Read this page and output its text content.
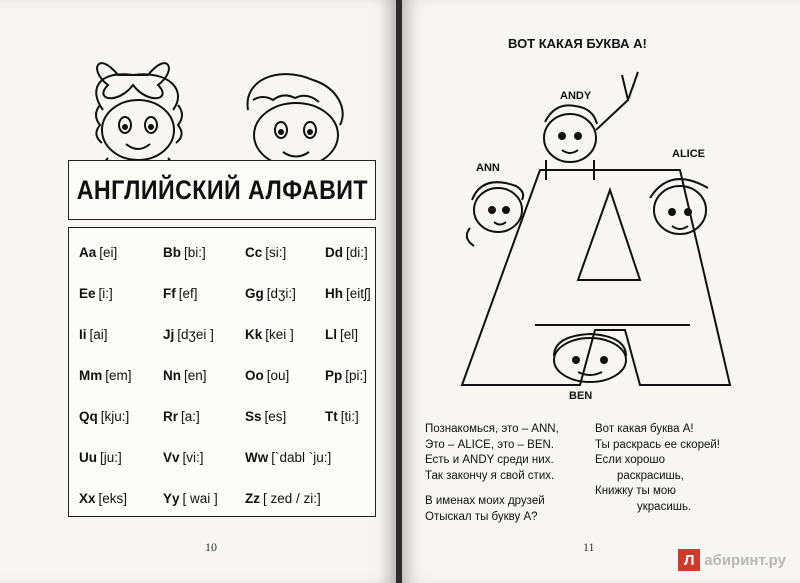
АНГЛИЙСКИЙ АЛФАВИТ
Aa [ei]	Bb [bi:]	Cc [si:]	Dd [di:]
Ee [i:]	Ff [ef]	Gg [dʒi:] Hh [eitʃ]
Ii [ai]	Jj [dʒei ] Kk [kei ] Ll [el]
Mm [em] Nn [en]	Oo [ou]	Pp [pi:]
Qq [kju:] Rr [a:]	Ss [es]	Tt [ti:]
Uu [ju:]	Vv [vi:]	Ww [`dabl `ju:]
Xx [eks]	Yy [ wai ] Zz [ zed / zi:]
10
ВОТ КАКАЯ БУКВА А!
ANDY
ANN
ALICE
BEN
Познакомься, это – ANN,
Это – ALICE, это – BEN.
Есть и ANDY среди них.
Так закончу я свой стих.
В именах моих друзей
Отыскал ты букву А?
Вот какая буква А!
Ты раскрась ее скорей!
Если хорошо
раскрасишь,
Книжку ты мою
украсишь.
11
Л абиринт.ру
